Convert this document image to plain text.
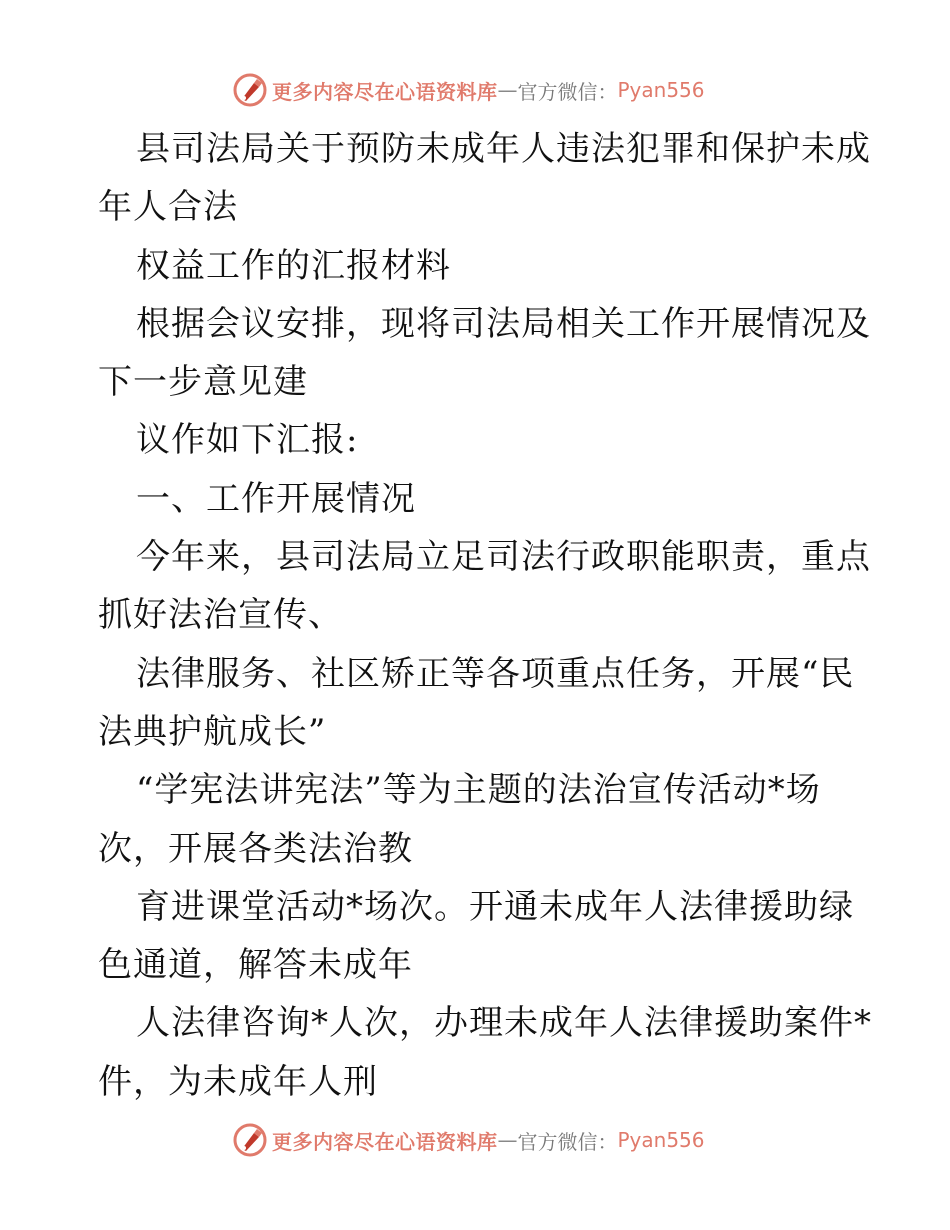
更多内容尽在心语资料库 — 官方微信： Pyan556
县司法局关于预防未成年人违法犯罪和保护未成
年人合法
权益工作的汇报材料
根据会议安排，现将司法局相关工作开展情况及
下一步意见建
议作如下汇报:
一、工作开展情况
今年来，县司法局立足司法行政职能职责，重点
抓好法治宣传、
法律服务、社区矫正等各项重点任务，开展“民
法典护航成长”
“学宪法讲宪法”等为主题的法治宣传活动*场
次，开展各类法治教
育进课堂活动*场次。开通未成年人法律援助绿
色通道，解答未成年
人法律咨询*人次，办理未成年人法律援助案件*
件，为未成年人刑
更多内容尽在心语资料库 — 官方微信： Pyan556
